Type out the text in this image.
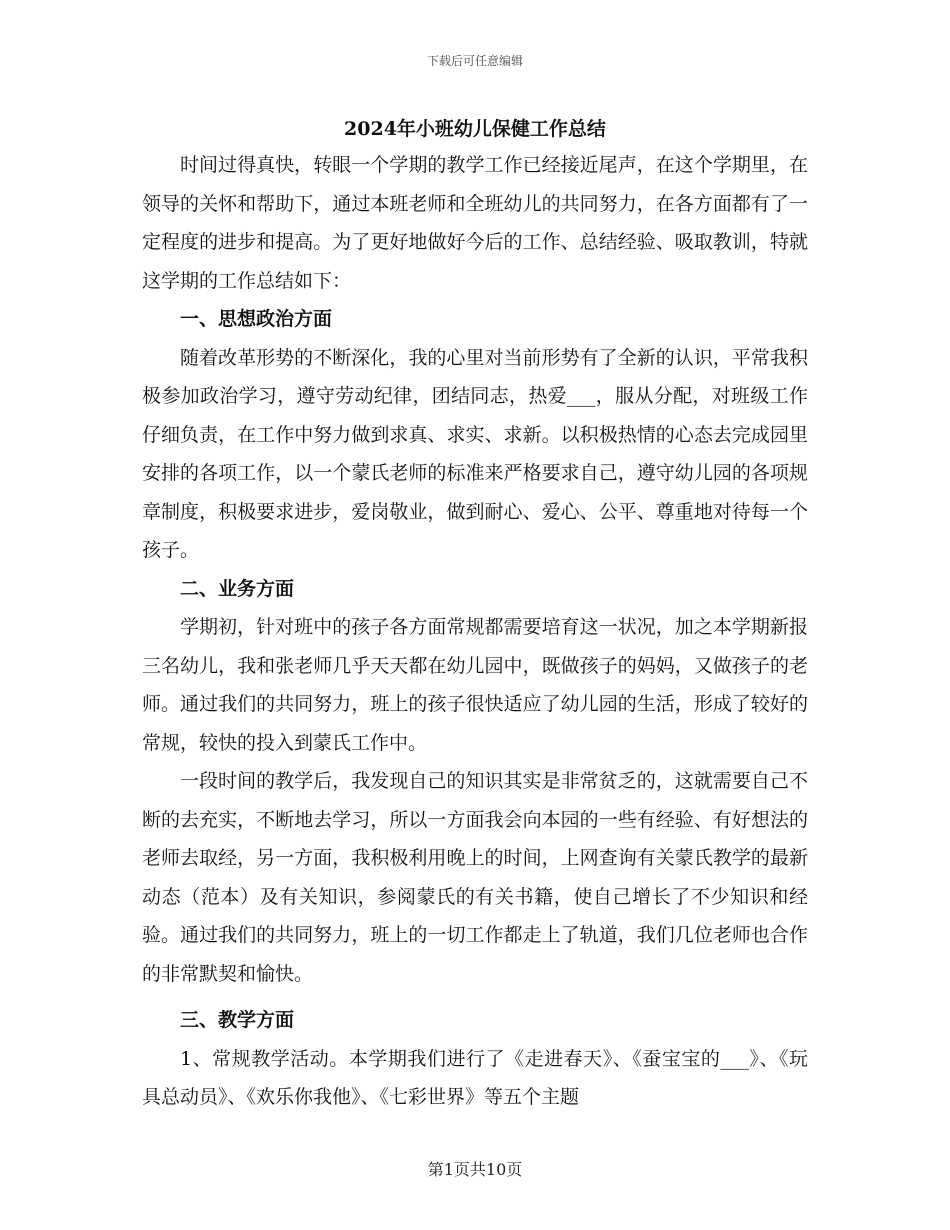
下载后可任意编辑
2024年小班幼儿保健工作总结

时间过得真快，转眼一个学期的教学工作已经接近尾声，在这个学期里，在领导的关怀和帮助下，通过本班老师和全班幼儿的共同努力，在各方面都有了一定程度的进步和提高。为了更好地做好今后的工作、总结经验、吸取教训，特就这学期的工作总结如下：

一、思想政治方面

随着改革形势的不断深化，我的心里对当前形势有了全新的认识，平常我积极参加政治学习，遵守劳动纪律，团结同志，热爱___，服从分配，对班级工作仔细负责，在工作中努力做到求真、求实、求新。以积极热情的心态去完成园里安排的各项工作，以一个蒙氏老师的标准来严格要求自己，遵守幼儿园的各项规章制度，积极要求进步，爱岗敬业，做到耐心、爱心、公平、尊重地对待每一个孩子。

二、业务方面

学期初，针对班中的孩子各方面常规都需要培育这一状况，加之本学期新报三名幼儿，我和张老师几乎天天都在幼儿园中，既做孩子的妈妈，又做孩子的老师。通过我们的共同努力，班上的孩子很快适应了幼儿园的生活，形成了较好的常规，较快的投入到蒙氏工作中。

一段时间的教学后，我发现自己的知识其实是非常贫乏的，这就需要自己不断的去充实，不断地去学习，所以一方面我会向本园的一些有经验、有好想法的老师去取经，另一方面，我积极利用晚上的时间，上网查询有关蒙氏教学的最新动态（范本）及有关知识，参阅蒙氏的有关书籍，使自己增长了不少知识和经验。通过我们的共同努力，班上的一切工作都走上了轨道，我们几位老师也合作的非常默契和愉快。

三、教学方面

1、常规教学活动。本学期我们进行了《走进春天》、《蚕宝宝的___》、《玩具总动员》、《欢乐你我他》、《七彩世界》等五个主题

第1页共10页
